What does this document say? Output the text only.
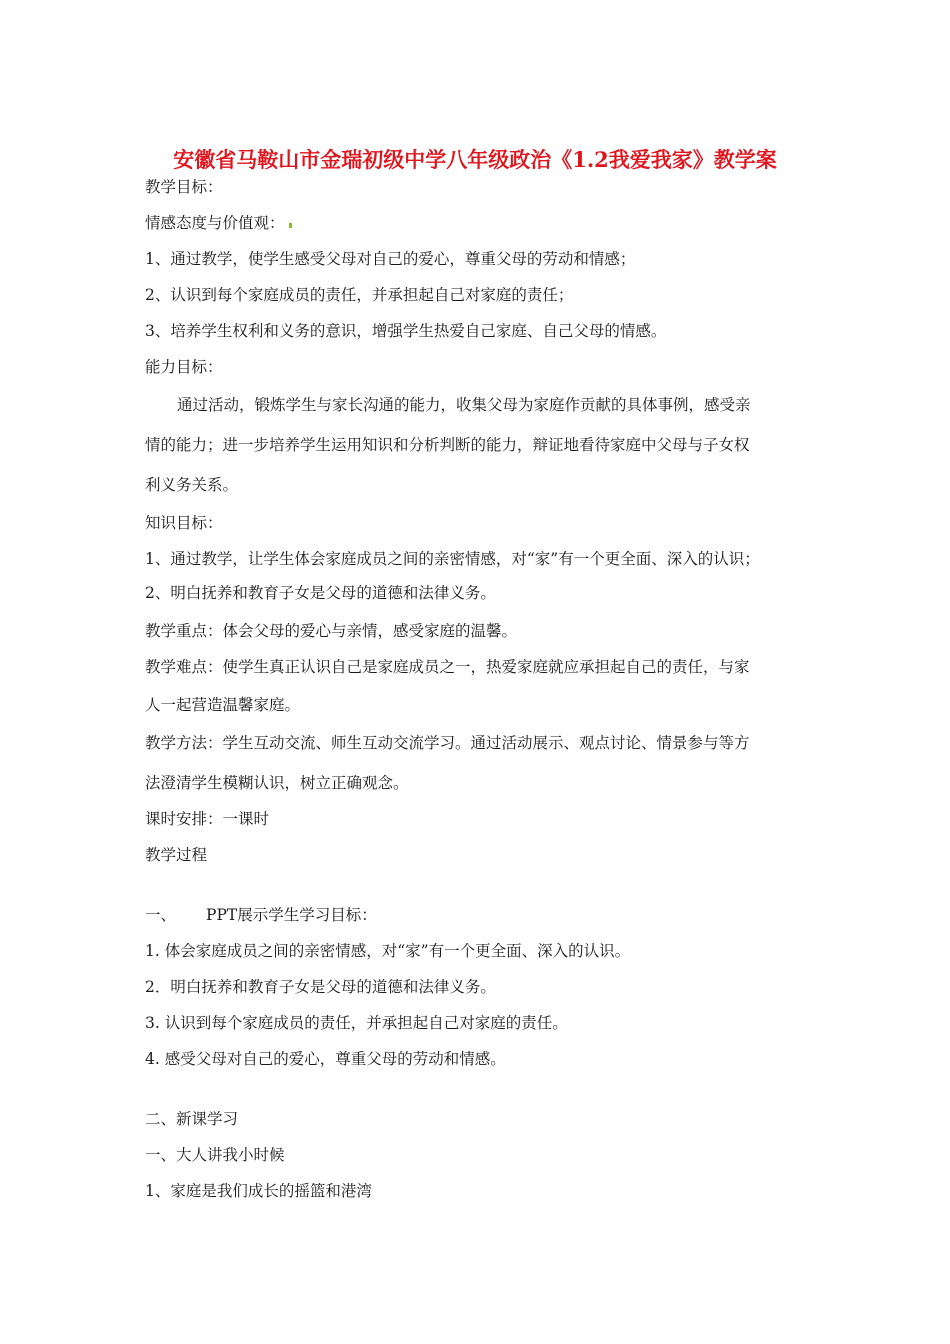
安徽省马鞍山市金瑞初级中学八年级政治《1.2我爱我家》教学案
教学目标：
情感态度与价值观：
1、通过教学，使学生感受父母对自己的爱心，尊重父母的劳动和情感；
2、认识到每个家庭成员的责任，并承担起自己对家庭的责任；
3、培养学生权利和义务的意识，增强学生热爱自己家庭、自己父母的情感。
能力目标：
通过活动，锻炼学生与家长沟通的能力，收集父母为家庭作贡献的具体事例，感受亲
情的能力；进一步培养学生运用知识和分析判断的能力，辩证地看待家庭中父母与子女权
利义务关系。
知识目标：
1、通过教学，让学生体会家庭成员之间的亲密情感，对“家”有一个更全面、深入的认识；
2、明白抚养和教育子女是父母的道德和法律义务。
教学重点：体会父母的爱心与亲情，感受家庭的温馨。
教学难点：使学生真正认识自己是家庭成员之一，热爱家庭就应承担起自己的责任，与家
人一起营造温馨家庭。
教学方法：学生互动交流、师生互动交流学习。通过活动展示、观点讨论、情景参与等方
法澄清学生模糊认识，树立正确观念。
课时安排：一课时
教学过程
一、 PPT展示学生学习目标：
1. 体会家庭成员之间的亲密情感，对“家”有一个更全面、深入的认识。
2．明白抚养和教育子女是父母的道德和法律义务。
3. 认识到每个家庭成员的责任，并承担起自己对家庭的责任。
4. 感受父母对自己的爱心，尊重父母的劳动和情感。
二、新课学习
一、大人讲我小时候
1、家庭是我们成长的摇篮和港湾
